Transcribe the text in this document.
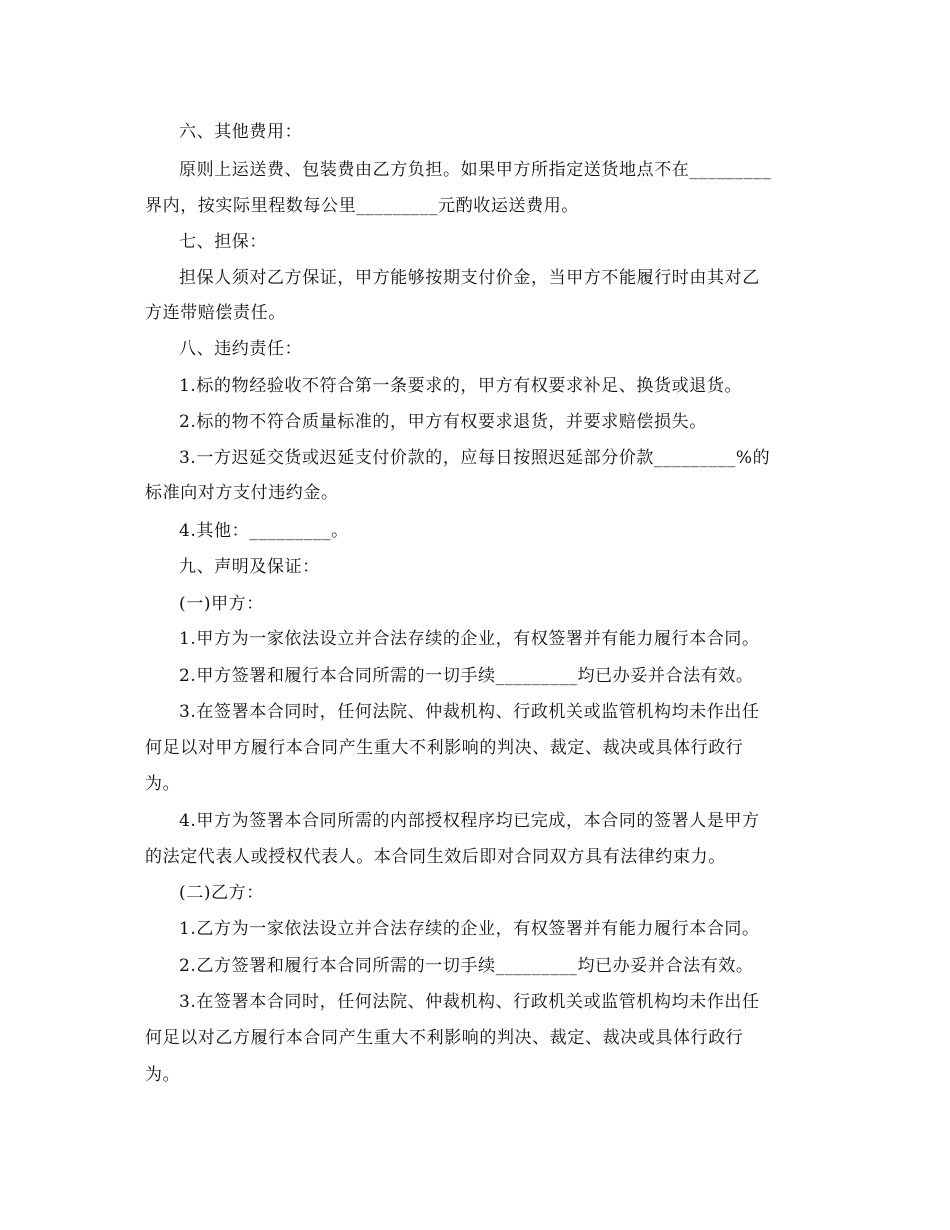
六、其他费用：
原则上运送费、包装费由乙方负担。如果甲方所指定送货地点不在_________
界内，按实际里程数每公里_________元酌收运送费用。
七、担保：
担保人须对乙方保证，甲方能够按期支付价金，当甲方不能履行时由其对乙
方连带赔偿责任。
八、违约责任：
1.标的物经验收不符合第一条要求的，甲方有权要求补足、换货或退货。
2.标的物不符合质量标准的，甲方有权要求退货，并要求赔偿损失。
3.一方迟延交货或迟延支付价款的，应每日按照迟延部分价款_________%的
标准向对方支付违约金。
4.其他：_________。
九、声明及保证：
(一)甲方：
1.甲方为一家依法设立并合法存续的企业，有权签署并有能力履行本合同。
2.甲方签署和履行本合同所需的一切手续_________均已办妥并合法有效。
3.在签署本合同时，任何法院、仲裁机构、行政机关或监管机构均未作出任
何足以对甲方履行本合同产生重大不利影响的判决、裁定、裁决或具体行政行
为。
4.甲方为签署本合同所需的内部授权程序均已完成，本合同的签署人是甲方
的法定代表人或授权代表人。本合同生效后即对合同双方具有法律约束力。
(二)乙方：
1.乙方为一家依法设立并合法存续的企业，有权签署并有能力履行本合同。
2.乙方签署和履行本合同所需的一切手续_________均已办妥并合法有效。
3.在签署本合同时，任何法院、仲裁机构、行政机关或监管机构均未作出任
何足以对乙方履行本合同产生重大不利影响的判决、裁定、裁决或具体行政行
为。
